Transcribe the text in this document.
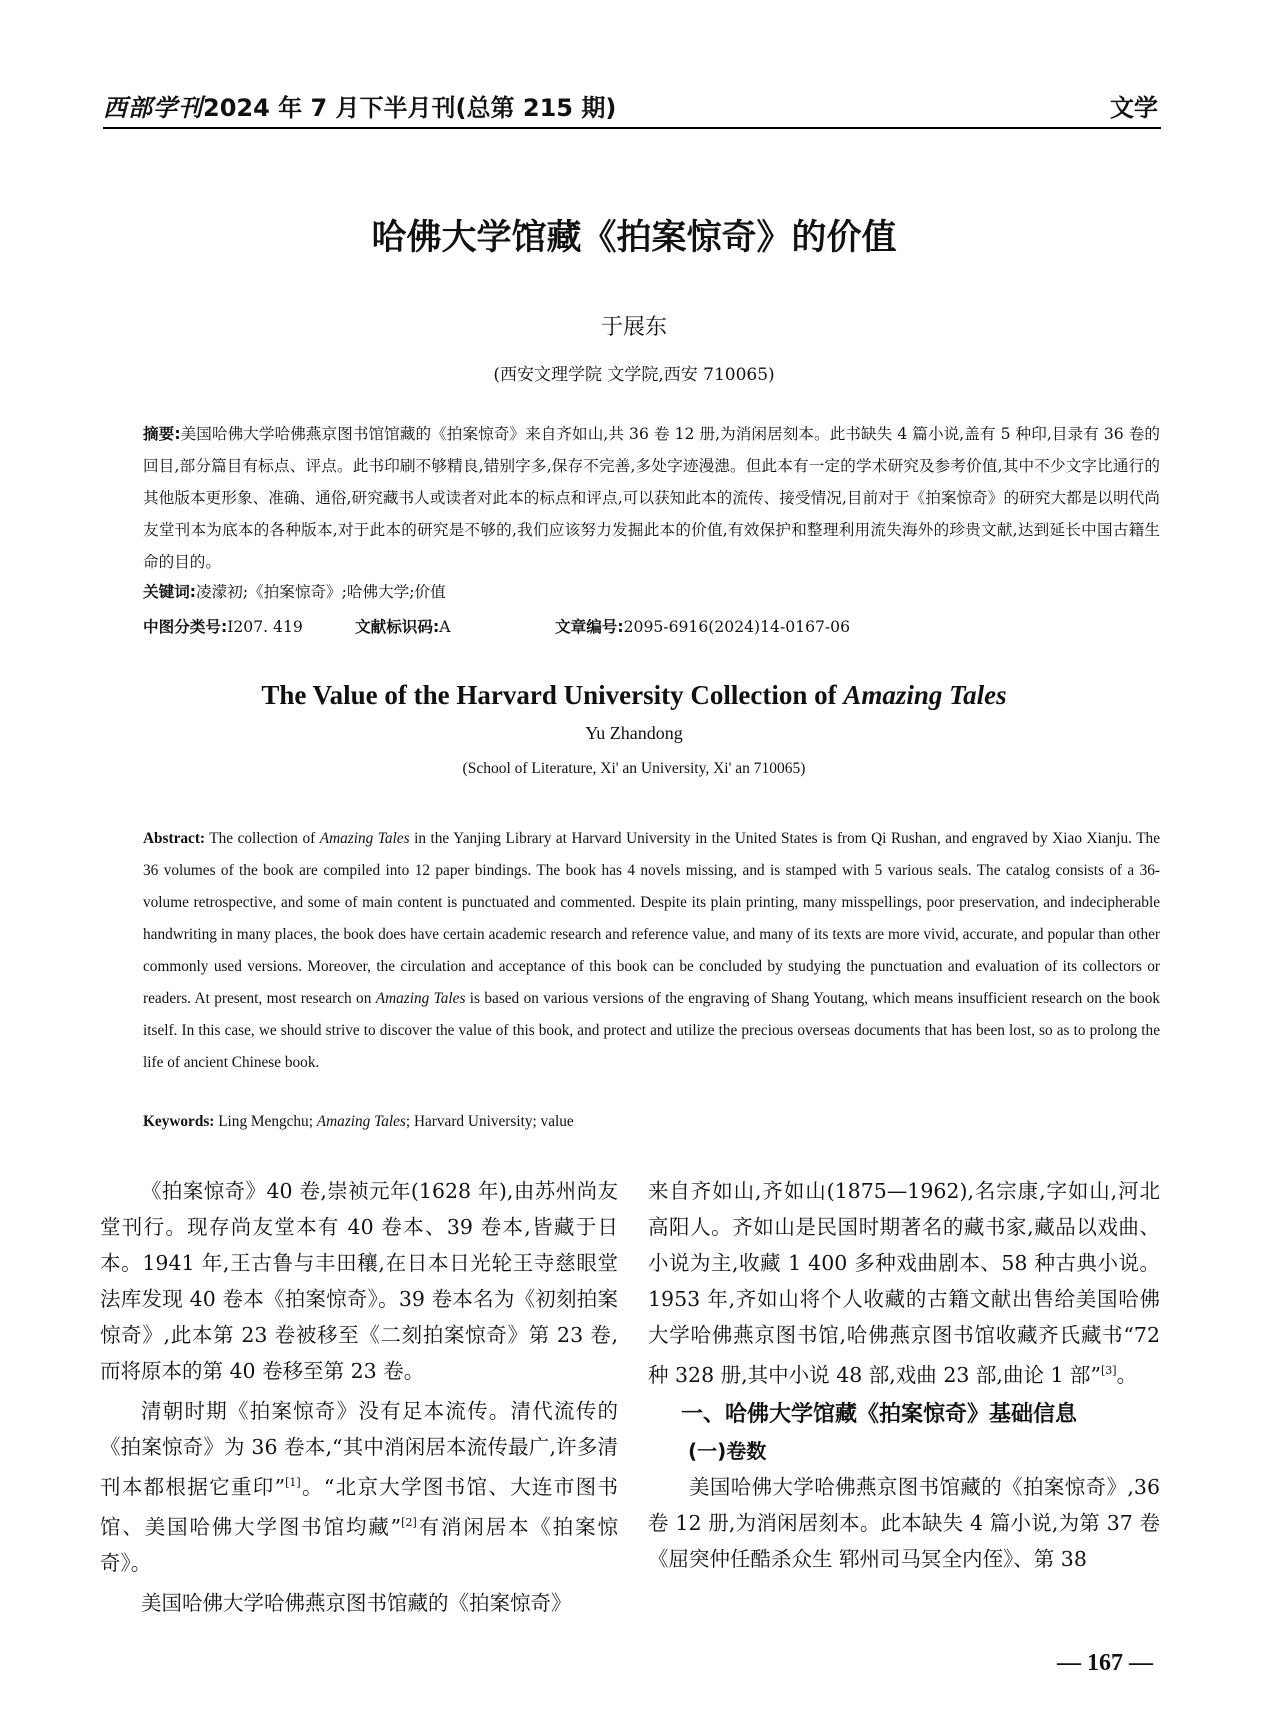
西部学刊2024 年 7 月下半月刊(总第 215 期)	文学
哈佛大学馆藏《拍案惊奇》的价值
于展东
(西安文理学院 文学院,西安 710065)
摘要:美国哈佛大学哈佛燕京图书馆馆藏的《拍案惊奇》来自齐如山,共 36 卷 12 册,为消闲居刻本。此书缺失 4 篇小说,盖有 5 种印,目录有 36 卷的回目,部分篇目有标点、评点。此书印刷不够精良,错别字多,保存不完善,多处字迹漫漶。但此本有一定的学术研究及参考价值,其中不少文字比通行的其他版本更形象、准确、通俗,研究藏书人或读者对此本的标点和评点,可以获知此本的流传、接受情况,目前对于《拍案惊奇》的研究大都是以明代尚友堂刊本为底本的各种版本,对于此本的研究是不够的,我们应该努力发掘此本的价值,有效保护和整理利用流失海外的珍贵文献,达到延长中国古籍生命的目的。
关键词:凌濛初;《拍案惊奇》;哈佛大学;价值
中图分类号:I207. 419	文献标识码:A	文章编号:2095-6916(2024)14-0167-06
The Value of the Harvard University Collection of Amazing Tales
Yu Zhandong
(School of Literature, Xi' an University, Xi' an 710065)
Abstract: The collection of Amazing Tales in the Yanjing Library at Harvard University in the United States is from Qi Rushan, and engraved by Xiao Xianju. The 36 volumes of the book are compiled into 12 paper bindings. The book has 4 novels missing, and is stamped with 5 various seals. The catalog consists of a 36-volume retrospective, and some of main content is punctuated and commented. Despite its plain printing, many misspellings, poor preservation, and indecipherable handwriting in many places, the book does have certain academic research and reference value, and many of its texts are more vivid, accurate, and popular than other commonly used versions. Moreover, the circulation and acceptance of this book can be concluded by studying the punctuation and evaluation of its collectors or readers. At present, most research on Amazing Tales is based on various versions of the engraving of Shang Youtang, which means insufficient research on the book itself. In this case, we should strive to discover the value of this book, and protect and utilize the precious overseas documents that has been lost, so as to prolong the life of ancient Chinese book.
Keywords: Ling Mengchu; Amazing Tales; Harvard University; value

《拍案惊奇》40 卷,崇祯元年(1628 年),由苏州尚友堂刊行。现存尚友堂本有 40 卷本、39 卷本,皆藏于日本。1941 年,王古鲁与丰田穰,在日本日光轮王寺慈眼堂法库发现 40 卷本《拍案惊奇》。39 卷本名为《初刻拍案惊奇》,此本第 23 卷被移至《二刻拍案惊奇》第 23 卷,而将原本的第 40 卷移至第 23 卷。

清朝时期《拍案惊奇》没有足本流传。清代流传的《拍案惊奇》为 36 卷本,“其中消闲居本流传最广,许多清刊本都根据它重印”[1]。“北京大学图书馆、大连市图书馆、美国哈佛大学图书馆均藏”[2]有消闲居本《拍案惊奇》。

美国哈佛大学哈佛燕京图书馆藏的《拍案惊奇》

来自齐如山,齐如山(1875—1962),名宗康,字如山,河北高阳人。齐如山是民国时期著名的藏书家,藏品以戏曲、小说为主,收藏 1 400 多种戏曲剧本、58 种古典小说。1953 年,齐如山将个人收藏的古籍文献出售给美国哈佛大学哈佛燕京图书馆,哈佛燕京图书馆收藏齐氏藏书“72 种 328 册,其中小说 48 部,戏曲 23 部,曲论 1 部”[3]。

一、哈佛大学馆藏《拍案惊奇》基础信息

(一)卷数

美国哈佛大学哈佛燕京图书馆藏的《拍案惊奇》,36 卷 12 册,为消闲居刻本。此本缺失 4 篇小说,为第 37 卷《屈突仲任酷杀众生 郓州司马冥全内侄》、第 38

— 167 —
